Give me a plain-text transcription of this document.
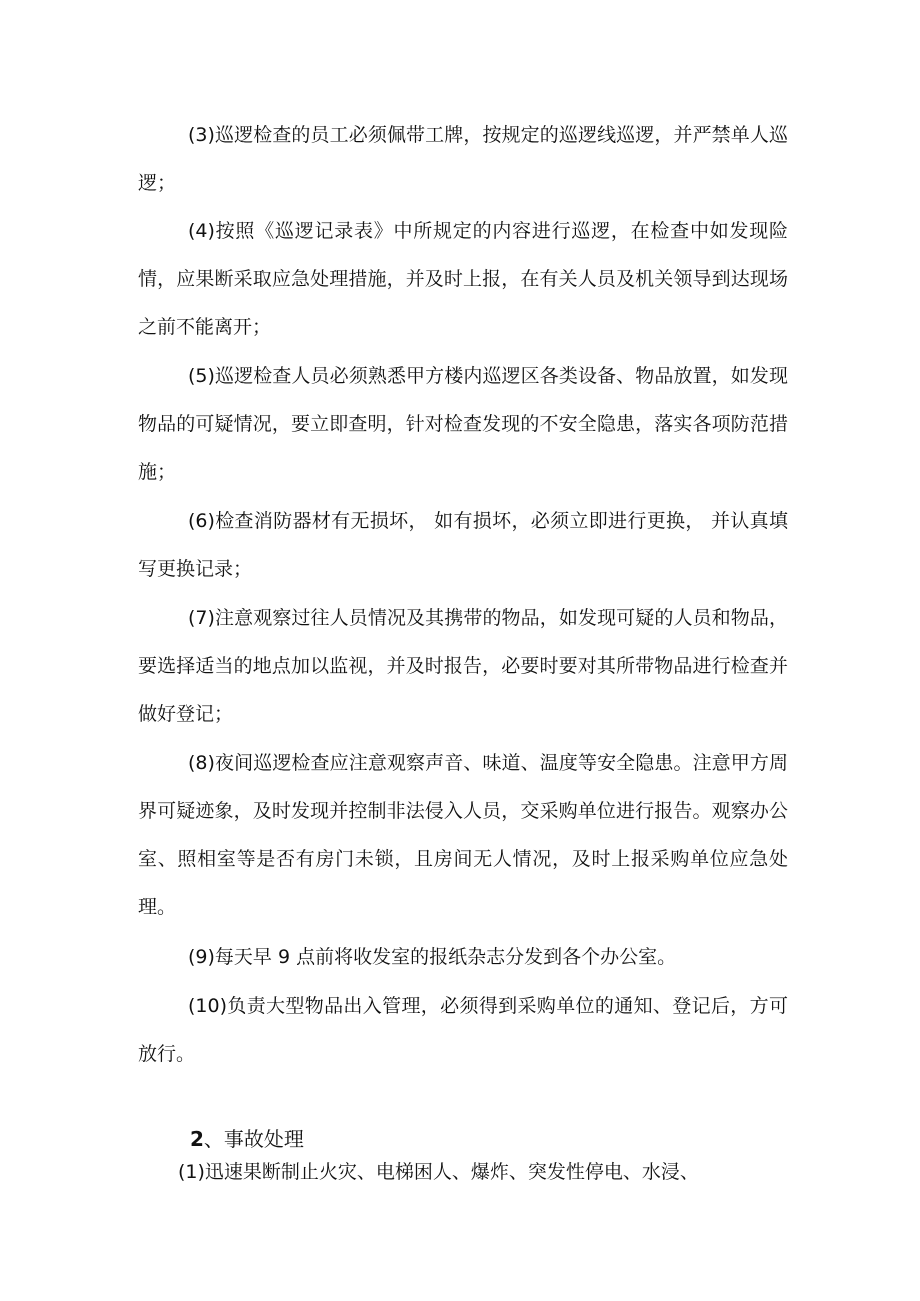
(3)巡逻检查的员工必须佩带工牌，按规定的巡逻线巡逻，并严禁单人巡逻；

(4)按照《巡逻记录表》中所规定的内容进行巡逻，在检查中如发现险情，应果断采取应急处理措施，并及时上报，在有关人员及机关领导到达现场之前不能离开；

(5)巡逻检查人员必须熟悉甲方楼内巡逻区各类设备、物品放置，如发现物品的可疑情况，要立即查明，针对检查发现的不安全隐患，落实各项防范措施；

(6)检查消防器材有无损坏， 如有损坏，必须立即进行更换， 并认真填写更换记录；

(7)注意观察过往人员情况及其携带的物品，如发现可疑的人员和物品，要选择适当的地点加以监视，并及时报告，必要时要对其所带物品进行检查并做好登记；

(8)夜间巡逻检查应注意观察声音、味道、温度等安全隐患。注意甲方周界可疑迹象，及时发现并控制非法侵入人员，交采购单位进行报告。观察办公室、照相室等是否有房门未锁，且房间无人情况，及时上报采购单位应急处理。

(9)每天早 9 点前将收发室的报纸杂志分发到各个办公室。

(10)负责大型物品出入管理，必须得到采购单位的通知、登记后，方可放行。

2、事故处理

(1)迅速果断制止火灾、电梯困人、爆炸、突发性停电、水浸、
